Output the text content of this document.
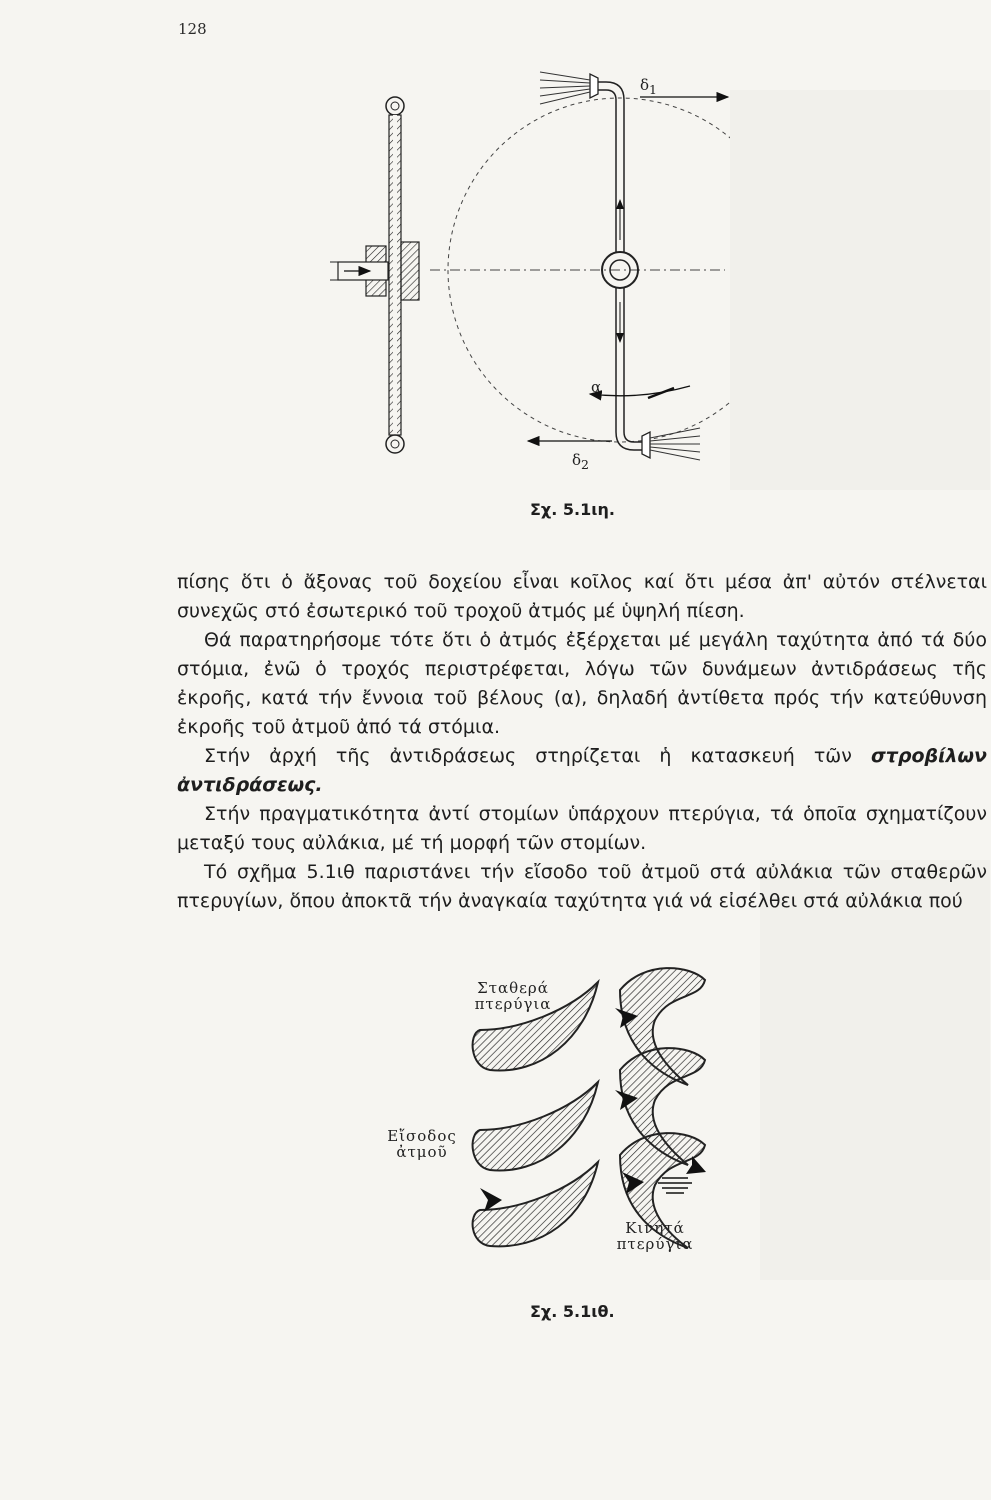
128
$\delta_1$
$\delta_2$
α
Σχ. 5.1ιη.

πίσης ὅτι ὁ ἄξονας τοῦ δοχείου εἶναι κοῖλος καί ὅτι μέσα ἀπ' αὐτόν στέλνεται συνεχῶς στό ἐσωτερικό τοῦ τροχοῦ ἀτμός μέ ὑψηλή πίεση.

Θά παρατηρήσομε τότε ὅτι ὁ ἀτμός ἐξέρχεται μέ μεγάλη ταχύτητα ἀπό τά δύο στόμια, ἐνῶ ὁ τροχός περιστρέφεται, λόγω τῶν δυνάμεων ἀντιδράσεως τῆς ἐκροῆς, κατά τήν ἔννοια τοῦ βέλους (α), δηλαδή ἀντίθετα πρός τήν κατεύθυνση ἐκροῆς τοῦ ἀτμοῦ ἀπό τά στόμια.

Στήν ἀρχή τῆς ἀντιδράσεως στηρίζεται ἡ κατασκευή τῶν στροβίλων ἀντιδράσεως.

Στήν πραγματικότητα ἀντί στομίων ὑπάρχουν πτερύγια, τά ὁποῖα σχηματίζουν μεταξύ τους αὐλάκια, μέ τή μορφή τῶν στομίων.

Τό σχῆμα 5.1ιθ παριστάνει τήν εἴσοδο τοῦ ἀτμοῦ στά αὐλάκια τῶν σταθερῶν πτερυγίων, ὅπου ἀποκτᾶ τήν ἀναγκαία ταχύτητα γιά νά εἰσέλθει στά αὐλάκια πού

Σταθερά
πτερύγια
Εἴσοδος
ἀτμοῦ
Κινητά
πτερύγια
Σχ. 5.1ιθ.
